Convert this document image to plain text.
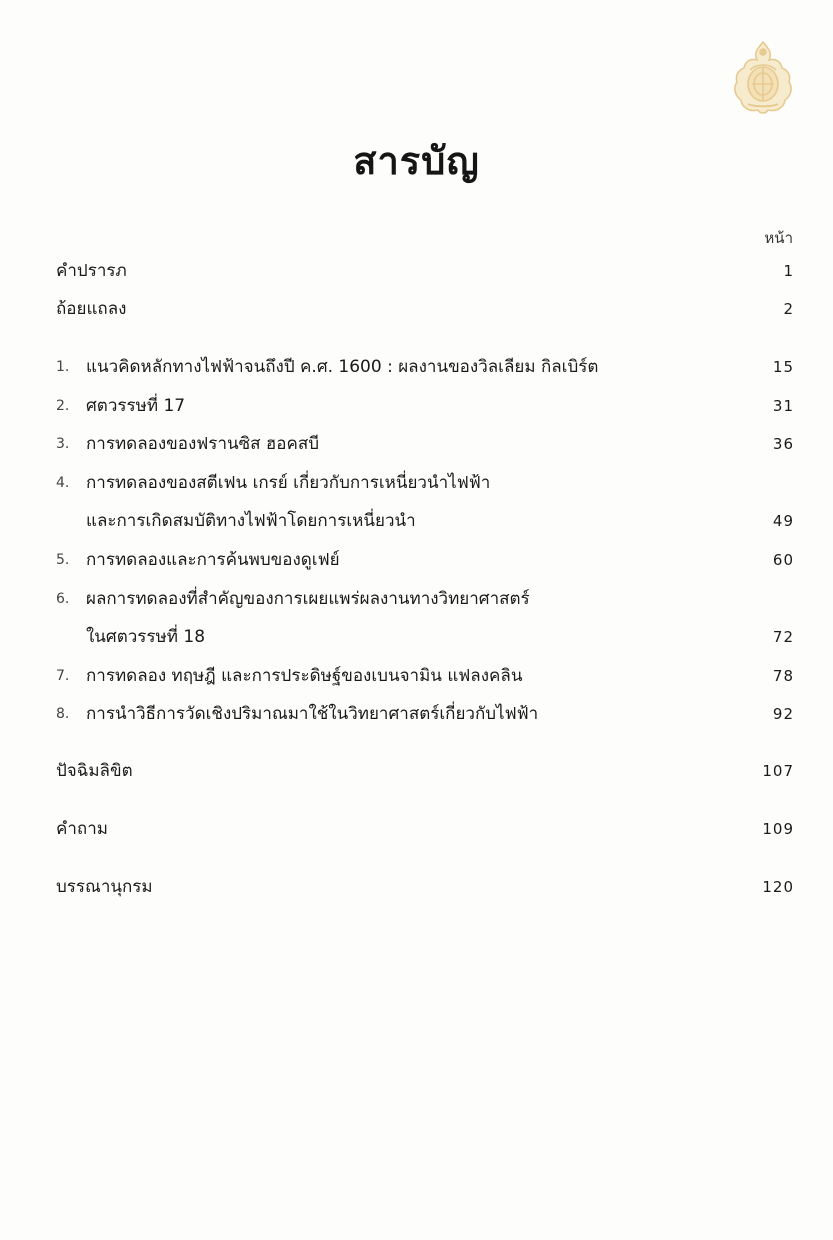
สารบัญ
หน้า
คำปรารภ	1
ถ้อยแถลง	2
1. แนวคิดหลักทางไฟฟ้าจนถึงปี ค.ศ. 1600 : ผลงานของวิลเลียม กิลเบิร์ต	15
2. ศตวรรษที่ 17	31
3. การทดลองของฟรานซิส ฮอคสบี	36
4. การทดลองของสตีเฟน เกรย์ เกี่ยวกับการเหนี่ยวนำไฟฟ้า
และการเกิดสมบัติทางไฟฟ้าโดยการเหนี่ยวนำ	49
5. การทดลองและการค้นพบของดูเฟย์	60
6. ผลการทดลองที่สำคัญของการเผยแพร่ผลงานทางวิทยาศาสตร์
ในศตวรรษที่ 18	72
7. การทดลอง ทฤษฎี และการประดิษฐ์ของเบนจามิน แฟลงคลิน	78
8. การนำวิธีการวัดเชิงปริมาณมาใช้ในวิทยาศาสตร์เกี่ยวกับไฟฟ้า	92
ปัจฉิมลิขิต	107
คำถาม	109
บรรณานุกรม	120
